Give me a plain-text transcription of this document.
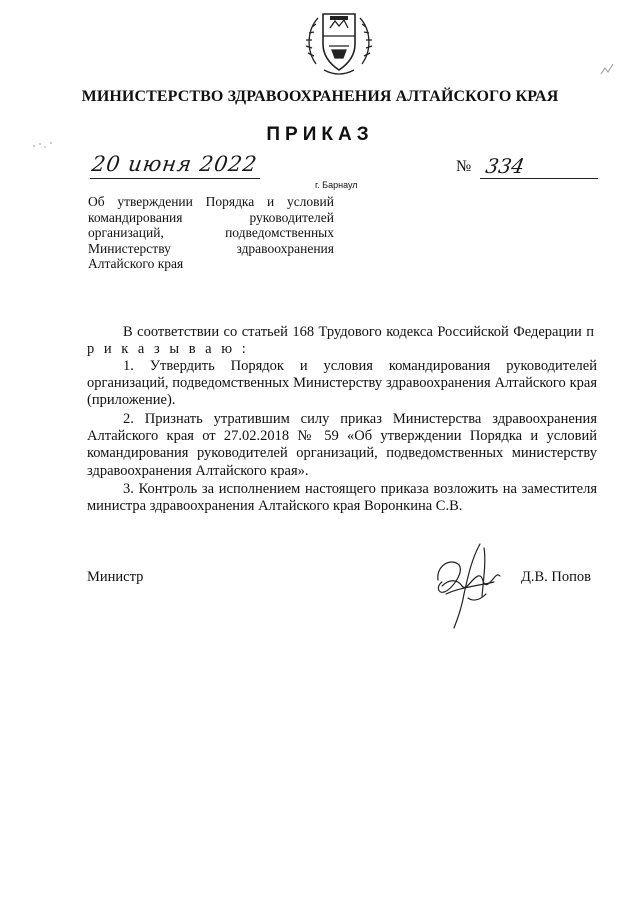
МИНИСТЕРСТВО ЗДРАВООХРАНЕНИЯ АЛТАЙСКОГО КРАЯ
ПРИКАЗ
20 июня 2022
г. Барнаул
№ 334
Об утверждении Порядка и условий командирования руководителей организаций, подведомственных Министерству здравоохранения Алтайского края
В соответствии со статьей 168 Трудового кодекса Российской Федерации п р и к а з ы в а ю :
1. Утвердить Порядок и условия командирования руководителей организаций, подведомственных Министерству здравоохранения Алтайского края (приложение).
2. Признать утратившим силу приказ Министерства здравоохранения Алтайского края от 27.02.2018 № 59 «Об утверждении Порядка и условий командирования руководителей организаций, подведомственных министерству здравоохранения Алтайского края».
3. Контроль за исполнением настоящего приказа возложить на заместителя министра здравоохранения Алтайского края Воронкина С.В.
Министр	Д.В. Попов
